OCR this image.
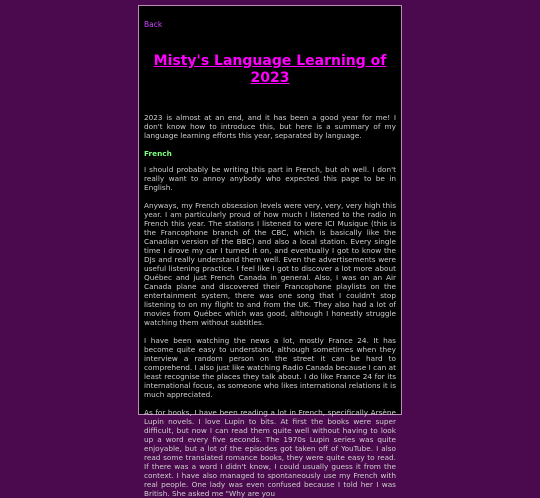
Back
Misty's Language Learning of 2023

2023 is almost at an end, and it has been a good year for me! I don't know how to introduce this, but here is a summary of my language learning efforts this year, separated by language.

French

I should probably be writing this part in French, but oh well. I don't really want to annoy anybody who expected this page to be in English.

Anyways, my French obsession levels were very, very, very high this year. I am particularly proud of how much I listened to the radio in French this year. The stations I listened to were ICI Musique (this is the Francophone branch of the CBC, which is basically like the Canadian version of the BBC) and also a local station. Every single time I drove my car I turned it on, and eventually I got to know the DJs and really understand them well. Even the advertisements were useful listening practice. I feel like I got to discover a lot more about Québec and just French Canada in general. Also, I was on an Air Canada plane and discovered their Francophone playlists on the entertainment system, there was one song that I couldn't stop listening to on my flight to and from the UK. They also had a lot of movies from Québec which was good, although I honestly struggle watching them without subtitles.

I have been watching the news a lot, mostly France 24. It has become quite easy to understand, although sometimes when they interview a random person on the street it can be hard to comprehend. I also just like watching Radio Canada because I can at least recognise the places they talk about. I do like France 24 for its international focus, as someone who likes international relations it is much appreciated.

As for books, I have been reading a lot in French, specifically Arsène Lupin novels. I love Lupin to bits. At first the books were super difficult, but now I can read them quite well without having to look up a word every five seconds. The 1970s Lupin series was quite enjoyable, but a lot of the episodes got taken off of YouTube. I also read some translated romance books, they were quite easy to read. If there was a word I didn't know, I could usually guess it from the context. I have also managed to spontaneously use my French with real people. One lady was even confused because I told her I was British. She asked me "Why are you
